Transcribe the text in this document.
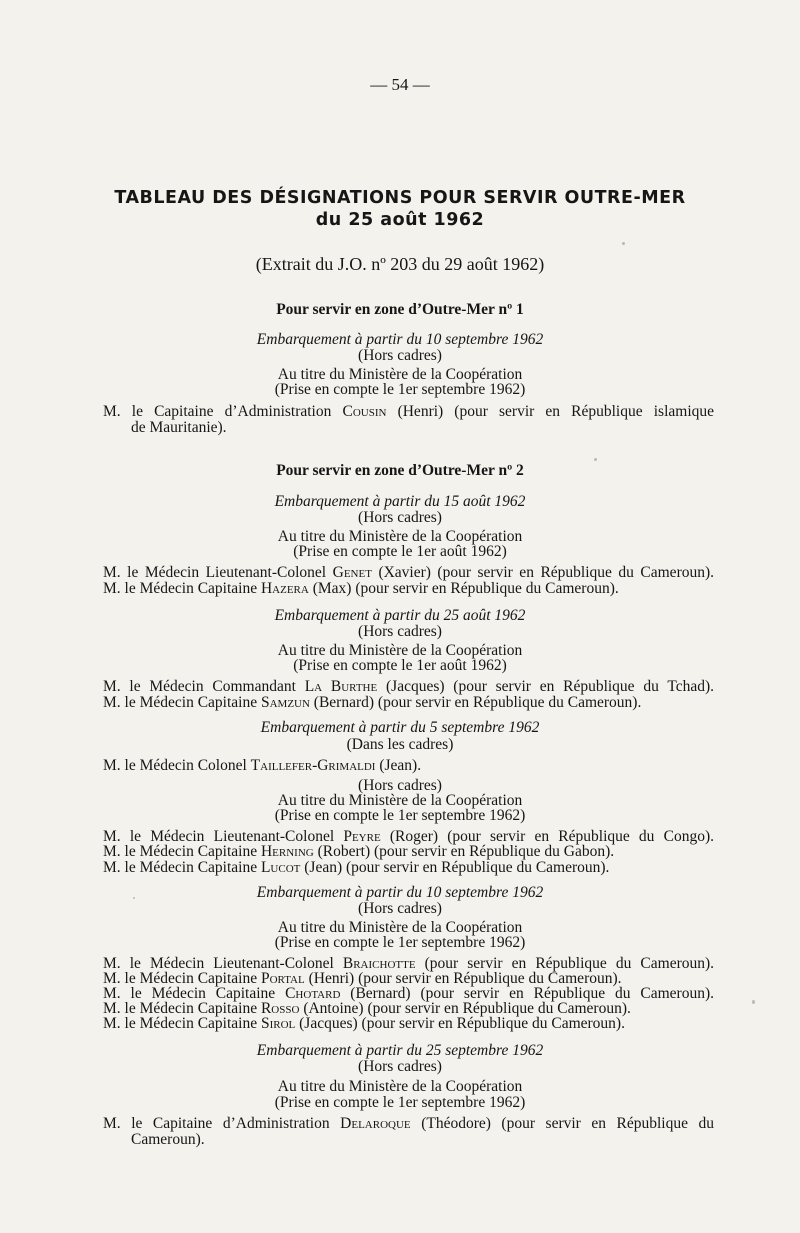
— 54 —
TABLEAU DES DÉSIGNATIONS POUR SERVIR OUTRE-MER
du 25 août 1962
(Extrait du J.O. nº 203 du 29 août 1962)
Pour servir en zone d’Outre-Mer nº 1
Embarquement à partir du 10 septembre 1962
(Hors cadres)
Au titre du Ministère de la Coopération
(Prise en compte le 1er septembre 1962)
M. le Capitaine d’Administration Cousin (Henri) (pour servir en République islamique
de Mauritanie).
Pour servir en zone d’Outre-Mer nº 2
Embarquement à partir du 15 août 1962
(Hors cadres)
Au titre du Ministère de la Coopération
(Prise en compte le 1er août 1962)
M. le Médecin Lieutenant-Colonel Genet (Xavier) (pour servir en République du Cameroun).
M. le Médecin Capitaine Hazera (Max) (pour servir en République du Cameroun).
Embarquement à partir du 25 août 1962
(Hors cadres)
Au titre du Ministère de la Coopération
(Prise en compte le 1er août 1962)
M. le Médecin Commandant La Burthe (Jacques) (pour servir en République du Tchad).
M. le Médecin Capitaine Samzun (Bernard) (pour servir en République du Cameroun).
Embarquement à partir du 5 septembre 1962
(Dans les cadres)
M. le Médecin Colonel Taillefer-Grimaldi (Jean).
(Hors cadres)
Au titre du Ministère de la Coopération
(Prise en compte le 1er septembre 1962)
M. le Médecin Lieutenant-Colonel Peyre (Roger) (pour servir en République du Congo).
M. le Médecin Capitaine Herning (Robert) (pour servir en République du Gabon).
M. le Médecin Capitaine Lucot (Jean) (pour servir en République du Cameroun).
Embarquement à partir du 10 septembre 1962
(Hors cadres)
Au titre du Ministère de la Coopération
(Prise en compte le 1er septembre 1962)
M. le Médecin Lieutenant-Colonel Braichotte (pour servir en République du Cameroun).
M. le Médecin Capitaine Portal (Henri) (pour servir en République du Cameroun).
M. le Médecin Capitaine Chotard (Bernard) (pour servir en République du Cameroun).
M. le Médecin Capitaine Rosso (Antoine) (pour servir en République du Cameroun).
M. le Médecin Capitaine Sirol (Jacques) (pour servir en République du Cameroun).
Embarquement à partir du 25 septembre 1962
(Hors cadres)
Au titre du Ministère de la Coopération
(Prise en compte le 1er septembre 1962)
M. le Capitaine d’Administration Delaroque (Théodore) (pour servir en République du
Cameroun).
